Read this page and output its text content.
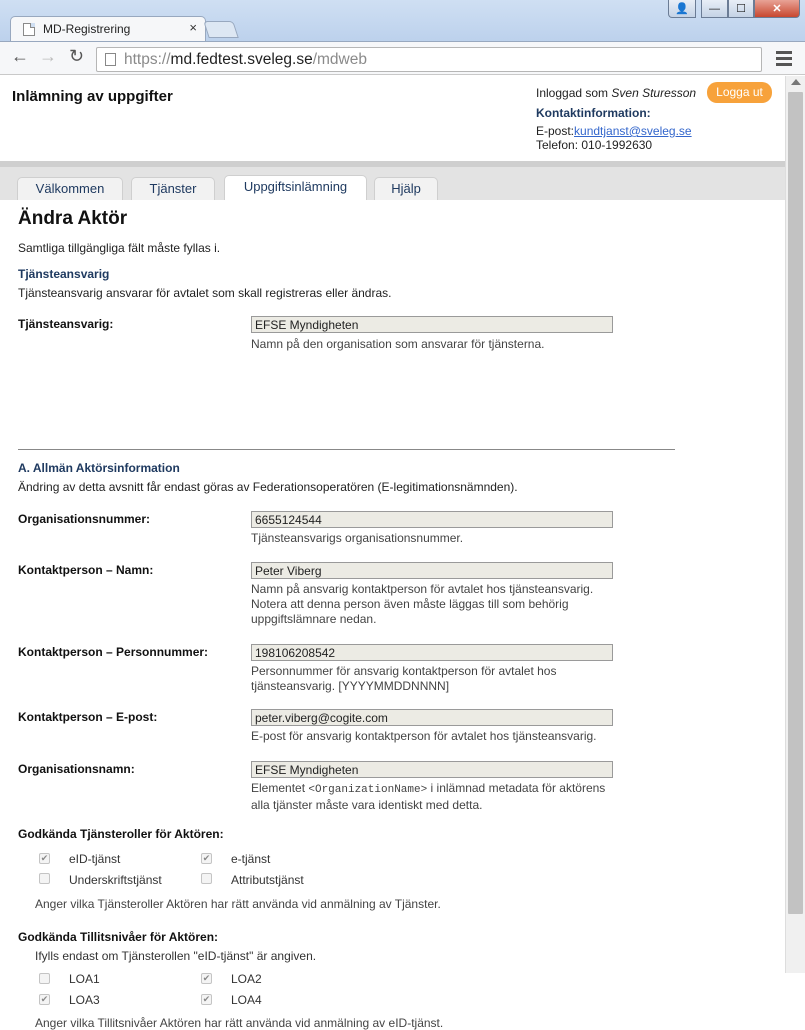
MD-Registrering	×
👤	—	☐	✕
← → ↻	https://md.fedtest.sveleg.se/mdweb
Inlämning av uppgifter	Inloggad som Sven Sturesson	Logga ut
Kontaktinformation:
E-post:kundtjanst@sveleg.se
Telefon: 010-1992630
Välkommen	Tjänster	Uppgiftsinlämning	Hjälp
Ändra Aktör
Samtliga tillgängliga fält måste fyllas i.
Tjänsteansvarig
Tjänsteansvarig ansvarar för avtalet som skall registreras eller ändras.
Tjänsteansvarig:
EFSE Myndigheten
Namn på den organisation som ansvarar för tjänsterna.
A. Allmän Aktörsinformation
Ändring av detta avsnitt får endast göras av Federationsoperatören (E-legitimationsnämnden).
Organisationsnummer:
6655124544
Tjänsteansvarigs organisationsnummer.
Kontaktperson – Namn:
Peter Viberg
Namn på ansvarig kontaktperson för avtalet hos tjänsteansvarig. Notera att denna person även måste läggas till som behörig uppgiftslämnare nedan.
Kontaktperson – Personnummer:
198106208542
Personnummer för ansvarig kontaktperson för avtalet hos tjänsteansvarig. [YYYYMMDDNNNN]
Kontaktperson – E-post:
peter.viberg@cogite.com
E-post för ansvarig kontaktperson för avtalet hos tjänsteansvarig.
Organisationsnamn:
EFSE Myndigheten
Elementet <OrganizationName> i inlämnad metadata för aktörens alla tjänster måste vara identiskt med detta.
Godkända Tjänsteroller för Aktören:
✔ eID-tjänst	✔ e-tjänst
Underskriftstjänst	Attributstjänst
Anger vilka Tjänsteroller Aktören har rätt använda vid anmälning av Tjänster.
Godkända Tillitsnivåer för Aktören:
Ifylls endast om Tjänsterollen "eID-tjänst" är angiven.
LOA1	✔ LOA2
✔ LOA3	✔ LOA4
Anger vilka Tillitsnivåer Aktören har rätt använda vid anmälning av eID-tjänst.
